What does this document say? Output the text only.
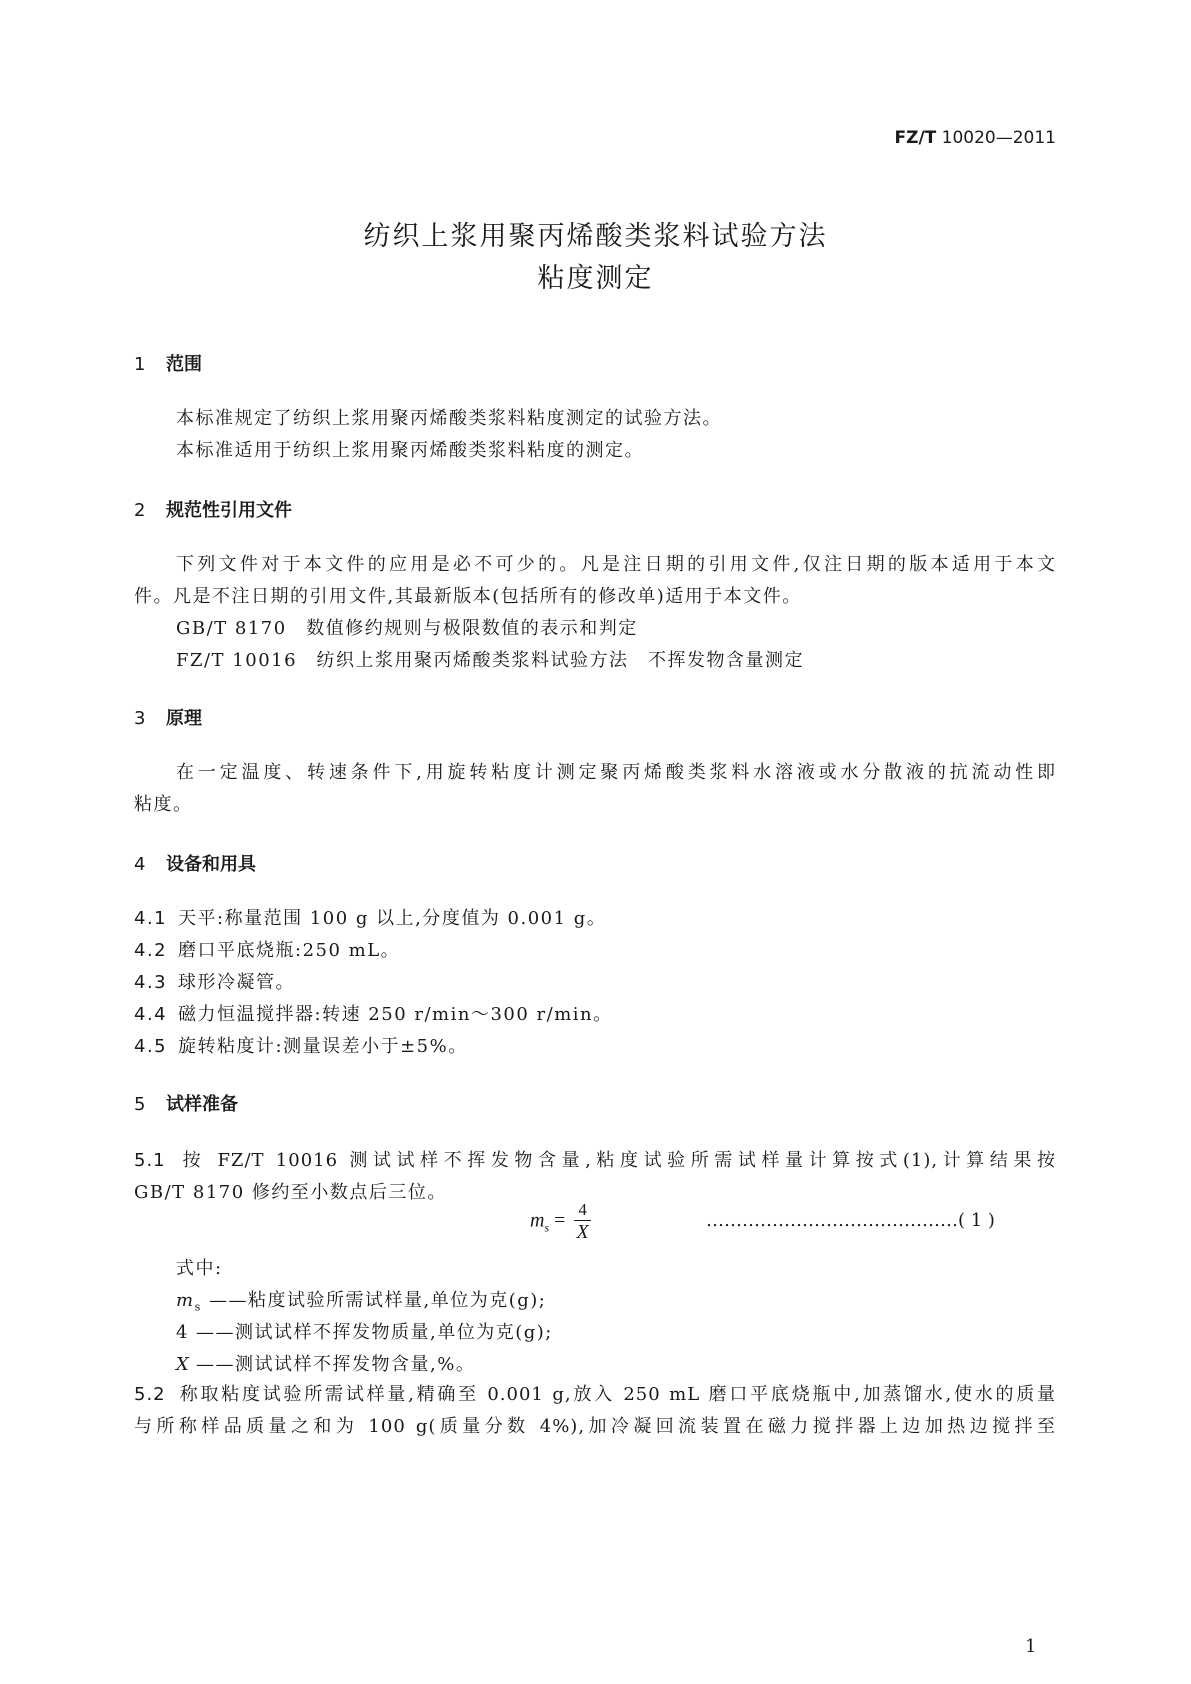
FZ/T 10020—2011
纺织上浆用聚丙烯酸类浆料试验方法
粘度测定
1 范围
本标准规定了纺织上浆用聚丙烯酸类浆料粘度测定的试验方法。
本标准适用于纺织上浆用聚丙烯酸类浆料粘度的测定。
2 规范性引用文件
下列文件对于本文件的应用是必不可少的。凡是注日期的引用文件,仅注日期的版本适用于本文
件。凡是不注日期的引用文件,其最新版本(包括所有的修改单)适用于本文件。
GB/T 8170　数值修约规则与极限数值的表示和判定
FZ/T 10016　纺织上浆用聚丙烯酸类浆料试验方法　不挥发物含量测定
3 原理
在一定温度、转速条件下,用旋转粘度计测定聚丙烯酸类浆料水溶液或水分散液的抗流动性即
粘度。
4 设备和用具
4.1 天平:称量范围 100 g 以上,分度值为 0.001 g。
4.2 磨口平底烧瓶:250 mL。
4.3 球形冷凝管。
4.4 磁力恒温搅拌器:转速 250 r/min～300 r/min。
4.5 旋转粘度计:测量误差小于±5%。
5 试样准备
5.1 按 FZ/T 10016 测试试样不挥发物含量,粘度试验所需试样量计算按式(1),计算结果按
GB/T 8170 修约至小数点后三位。
$m_s = \frac{4}{X}$	……………………………………( 1 )
式中:
$m_s$ ——粘度试验所需试样量,单位为克(g);
4 ——测试试样不挥发物质量,单位为克(g);
X ——测试试样不挥发物含量,%。
5.2 称取粘度试验所需试样量,精确至 0.001 g,放入 250 mL 磨口平底烧瓶中,加蒸馏水,使水的质量
与所称样品质量之和为 100 g(质量分数 4%),加冷凝回流装置在磁力搅拌器上边加热边搅拌至
1
